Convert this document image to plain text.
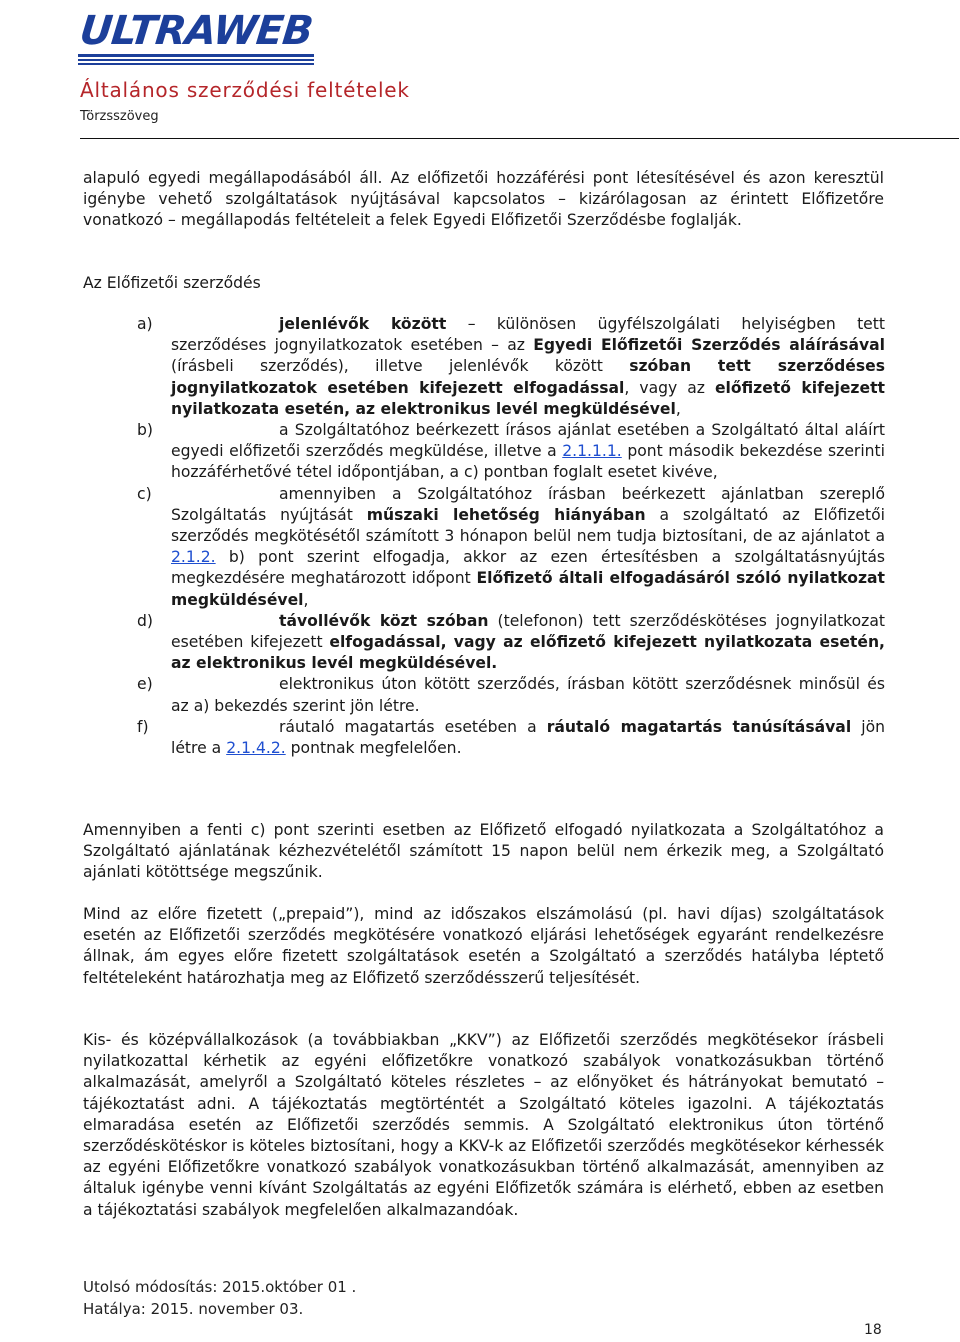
ULTRAWEB
Általános szerződési feltételek
Törzsszöveg
alapuló egyedi megállapodásából áll. Az előfizetői hozzáférési pont létesítésével és azon keresztül igénybe vehető szolgáltatások nyújtásával kapcsolatos – kizárólagosan az érintett Előfizetőre vonatkozó – megállapodás feltételeit a felek Egyedi Előfizetői Szerződésbe foglalják.
Az Előfizetői szerződés
a)	jelenlévők között – különösen ügyfélszolgálati helyiségben tett szerződéses jognyilatkozatok esetében – az Egyedi Előfizetői Szerződés aláírásával (írásbeli szerződés), illetve jelenlévők között szóban tett szerződéses jognyilatkozatok esetében kifejezett elfogadással, vagy az előfizető kifejezett nyilatkozata esetén, az elektronikus levél megküldésével,
b)	a Szolgáltatóhoz beérkezett írásos ajánlat esetében a Szolgáltató által aláírt egyedi előfizetői szerződés megküldése, illetve a 2.1.1.1. pont második bekezdése szerinti hozzáférhetővé tétel időpontjában, a c) pontban foglalt esetet kivéve,
c)	amennyiben a Szolgáltatóhoz írásban beérkezett ajánlatban szereplő Szolgáltatás nyújtását műszaki lehetőség hiányában a szolgáltató az Előfizetői szerződés megkötésétől számított 3 hónapon belül nem tudja biztosítani, de az ajánlatot a 2.1.2. b) pont szerint elfogadja, akkor az ezen értesítésben a szolgáltatásnyújtás megkezdésére meghatározott időpont Előfizető általi elfogadásáról szóló nyilatkozat megküldésével,
d)	távollévők közt szóban (telefonon) tett szerződéskötéses jognyilatkozat esetében kifejezett elfogadással, vagy az előfizető kifejezett nyilatkozata esetén, az elektronikus levél megküldésével.
e)	elektronikus úton kötött szerződés, írásban kötött szerződésnek minősül és az a) bekezdés szerint jön létre.
f)	ráutaló magatartás esetében a ráutaló magatartás tanúsításával jön létre a 2.1.4.2. pontnak megfelelően.
Amennyiben a fenti c) pont szerinti esetben az Előfizető elfogadó nyilatkozata a Szolgáltatóhoz a Szolgáltató ajánlatának kézhezvételétől számított 15 napon belül nem érkezik meg, a Szolgáltató ajánlati kötöttsége megszűnik.
Mind az előre fizetett („prepaid”), mind az időszakos elszámolású (pl. havi díjas) szolgáltatások esetén az Előfizetői szerződés megkötésére vonatkozó eljárási lehetőségek egyaránt rendelkezésre állnak, ám egyes előre fizetett szolgáltatások esetén a Szolgáltató a szerződés hatályba léptető feltételeként határozhatja meg az Előfizető szerződésszerű teljesítését.
Kis- és középvállalkozások (a továbbiakban „KKV”) az Előfizetői szerződés megkötésekor írásbeli nyilatkozattal kérhetik az egyéni előfizetőkre vonatkozó szabályok vonatkozásukban történő alkalmazását, amelyről a Szolgáltató köteles részletes – az előnyöket és hátrányokat bemutató – tájékoztatást adni. A tájékoztatás megtörténtét a Szolgáltató köteles igazolni. A tájékoztatás elmaradása esetén az Előfizetői szerződés semmis. A Szolgáltató elektronikus úton történő szerződéskötéskor is köteles biztosítani, hogy a KKV-k az Előfizetői szerződés megkötésekor kérhessék az egyéni Előfizetőkre vonatkozó szabályok vonatkozásukban történő alkalmazását, amennyiben az általuk igénybe venni kívánt Szolgáltatás az egyéni Előfizetők számára is elérhető, ebben az esetben a tájékoztatási szabályok megfelelően alkalmazandóak.
Utolsó módosítás: 2015.október 01 .
Hatálya: 2015. november 03.
18
